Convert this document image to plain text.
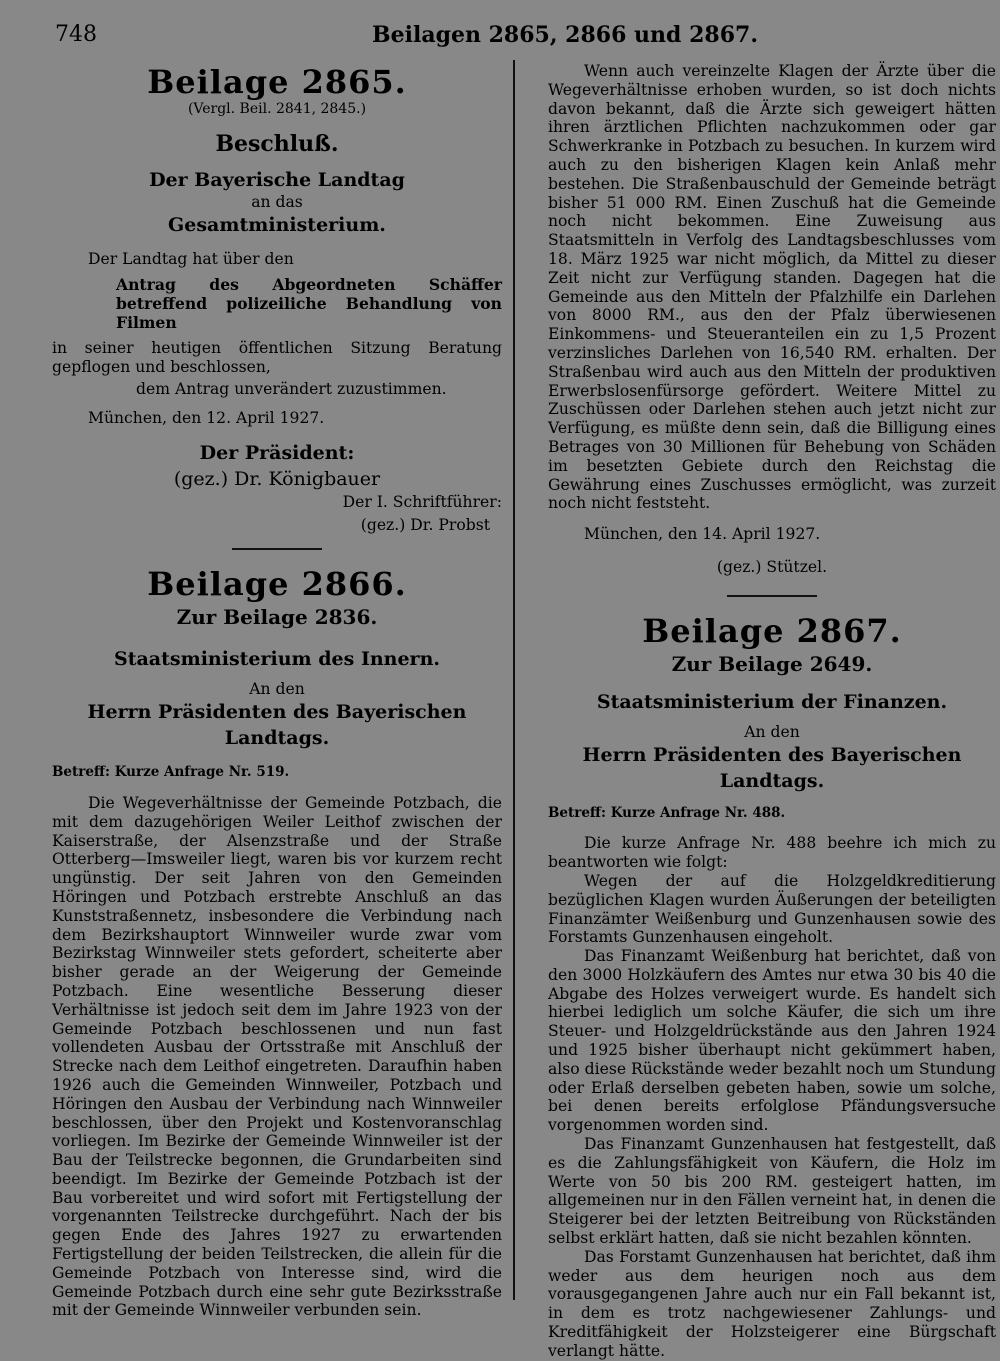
748	Beilagen 2865, 2866 und 2867.
Beilage 2865.
(Vergl. Beil. 2841, 2845.)
Beschluß.
Der Bayerische Landtag
an das
Gesamtministerium.

Der Landtag hat über den

Antrag des Abgeordneten Schäffer betreffend polizeiliche Behandlung von Filmen

in seiner heutigen öffentlichen Sitzung Beratung gepflogen und beschlossen,

dem Antrag unverändert zuzustimmen.

München, den 12. April 1927.

Der Präsident:
(gez.) Dr. Königbauer
Der I. Schriftführer:
(gez.) Dr. Probst
Beilage 2866.
Zur Beilage 2836.
Staatsministerium des Innern.
An den
Herrn Präsidenten des Bayerischen Landtags.

Betreff: Kurze Anfrage Nr. 519.

Die Wegeverhältnisse der Gemeinde Potzbach, die mit dem dazugehörigen Weiler Leithof zwischen der Kaiserstraße, der Alsenzstraße und der Straße Otterberg—Imsweiler liegt, waren bis vor kurzem recht ungünstig. Der seit Jahren von den Gemeinden Höringen und Potzbach erstrebte Anschluß an das Kunststraßennetz, insbesondere die Verbindung nach dem Bezirkshauptort Winnweiler wurde zwar vom Bezirkstag Winnweiler stets gefordert, scheiterte aber bisher gerade an der Weigerung der Gemeinde Potzbach. Eine wesentliche Besserung dieser Verhältnisse ist jedoch seit dem im Jahre 1923 von der Gemeinde Potzbach beschlossenen und nun fast vollendeten Ausbau der Ortsstraße mit Anschluß der Strecke nach dem Leithof eingetreten. Daraufhin haben 1926 auch die Gemeinden Winnweiler, Potzbach und Höringen den Ausbau der Verbindung nach Winnweiler beschlossen, über den Projekt und Kostenvoranschlag vorliegen. Im Bezirke der Gemeinde Winnweiler ist der Bau der Teilstrecke begonnen, die Grundarbeiten sind beendigt. Im Bezirke der Gemeinde Potzbach ist der Bau vorbereitet und wird sofort mit Fertigstellung der vorgenannten Teilstrecke durchgeführt. Nach der bis gegen Ende des Jahres 1927 zu erwartenden Fertigstellung der beiden Teilstrecken, die allein für die Gemeinde Potzbach von Interesse sind, wird die Gemeinde Potzbach durch eine sehr gute Bezirksstraße mit der Gemeinde Winnweiler verbunden sein.

Wenn auch vereinzelte Klagen der Ärzte über die Wegeverhältnisse erhoben wurden, so ist doch nichts davon bekannt, daß die Ärzte sich geweigert hätten ihren ärztlichen Pflichten nachzukommen oder gar Schwerkranke in Potzbach zu besuchen. In kurzem wird auch zu den bisherigen Klagen kein Anlaß mehr bestehen. Die Straßenbauschuld der Gemeinde beträgt bisher 51 000 RM. Einen Zuschuß hat die Gemeinde noch nicht bekommen. Eine Zuweisung aus Staatsmitteln in Verfolg des Landtagsbeschlusses vom 18. März 1925 war nicht möglich, da Mittel zu dieser Zeit nicht zur Verfügung standen. Dagegen hat die Gemeinde aus den Mitteln der Pfalzhilfe ein Darlehen von 8000 RM., aus den der Pfalz überwiesenen Einkommens- und Steueranteilen ein zu 1,5 Prozent verzinsliches Darlehen von 16,540 RM. erhalten. Der Straßenbau wird auch aus den Mitteln der produktiven Erwerbslosenfürsorge gefördert. Weitere Mittel zu Zuschüssen oder Darlehen stehen auch jetzt nicht zur Verfügung, es müßte denn sein, daß die Billigung eines Betrages von 30 Millionen für Behebung von Schäden im besetzten Gebiete durch den Reichstag die Gewährung eines Zuschusses ermöglicht, was zurzeit noch nicht feststeht.

München, den 14. April 1927.

(gez.) Stützel.
Beilage 2867.
Zur Beilage 2649.
Staatsministerium der Finanzen.
An den
Herrn Präsidenten des Bayerischen Landtags.

Betreff: Kurze Anfrage Nr. 488.

Die kurze Anfrage Nr. 488 beehre ich mich zu beantworten wie folgt:

Wegen der auf die Holzgeldkreditierung bezüglichen Klagen wurden Äußerungen der beteiligten Finanzämter Weißenburg und Gunzenhausen sowie des Forstamts Gunzenhausen eingeholt.

Das Finanzamt Weißenburg hat berichtet, daß von den 3000 Holzkäufern des Amtes nur etwa 30 bis 40 die Abgabe des Holzes verweigert wurde. Es handelt sich hierbei lediglich um solche Käufer, die sich um ihre Steuer- und Holzgeldrückstände aus den Jahren 1924 und 1925 bisher überhaupt nicht gekümmert haben, also diese Rückstände weder bezahlt noch um Stundung oder Erlaß derselben gebeten haben, sowie um solche, bei denen bereits erfolglose Pfändungsversuche vorgenommen worden sind.

Das Finanzamt Gunzenhausen hat festgestellt, daß es die Zahlungsfähigkeit von Käufern, die Holz im Werte von 50 bis 200 RM. gesteigert hatten, im allgemeinen nur in den Fällen verneint hat, in denen die Steigerer bei der letzten Beitreibung von Rückständen selbst erklärt hatten, daß sie nicht bezahlen könnten.

Das Forstamt Gunzenhausen hat berichtet, daß ihm weder aus dem heurigen noch aus dem vorausgegangenen Jahre auch nur ein Fall bekannt ist, in dem es trotz nachgewiesener Zahlungs- und Kreditfähigkeit der Holzsteigerer eine Bürgschaft verlangt hätte.
